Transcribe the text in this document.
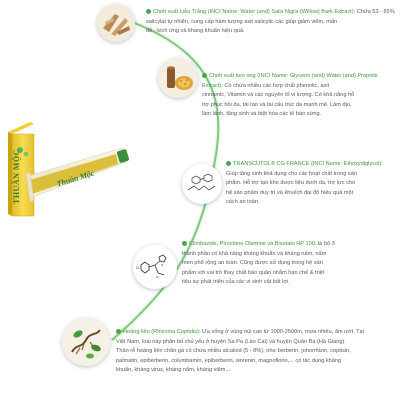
THUẦN MỘC	Thuần Mộc
Cl
N
O
Chiết xuất Liễu Trắng (INCI Name: Water (and) Salix Nigra (Willow) Bark Extract): Chứa 53 - 65%
salicylat tự nhiên, cung cấp hàm lượng axit salicylic các giúp giảm viêm, mẩn
đỏ - kích ứng và kháng khuẩn hiệu quả.
Chiết xuất keo ong (INCI Name: Glycerin (and) Water (and) Propolis Extract): Có chứa nhiều các hợp chất phenolic, axit
cinnamic, Vitamin và các nguyên tố vi lượng. Có khả năng hỗ
trợ phục hồi da, tái tạo và tái cấu trúc da mạnh mẽ. Làm dịu,
làm lành, tăng sinh và biệt hóa các tế bào sừng.
TRANSCUTOL® CG FRANCE (INCI Name: Ethoxydiglycol):
Giúp tăng sinh khả dụng cho các hoạt chất trong sản
phẩm. Hỗ trợ tạo kho dược liệu dưới da, trợ lực cho
hệ sản phẩm duy trì và khuếch đại độ hiệu quả một
cách an toàn.
Climbazole, Piroctone Olamine và Bisetalo HP 100: là bộ 3
thành phần có khả năng kháng khuẩn và kháng nấm, nấm
men phổ rộng an toàn. Cũng được sử dụng trong hệ sản
phẩm với vai trò thay chất bảo quản nhằm hạn chế & triệt
tiêu sự phát triển của các vi sinh vật bất lợi.
Hoàng liên (Rhizoma Coptidis): Ưa sống ở vùng núi cao từ 1000-2500m, mưa nhiều, ẩm ướt. Tại
Việt Nam, loài này phân bố chủ yếu ở huyện Sa Pa (Lào Cai) và huyện Quản Bạ (Hà Giang).
Thân rễ hoàng liên chân gà có chứa nhiều alcaloid (5 - 8%), như berberin, johorrhizin, coptisin,
palmatin, epiberberin, columbamin, epiberberin, worenin, magnoflorin,... có tác dụng kháng
khuẩn, kháng virus, kháng nấm, kháng viêm...
